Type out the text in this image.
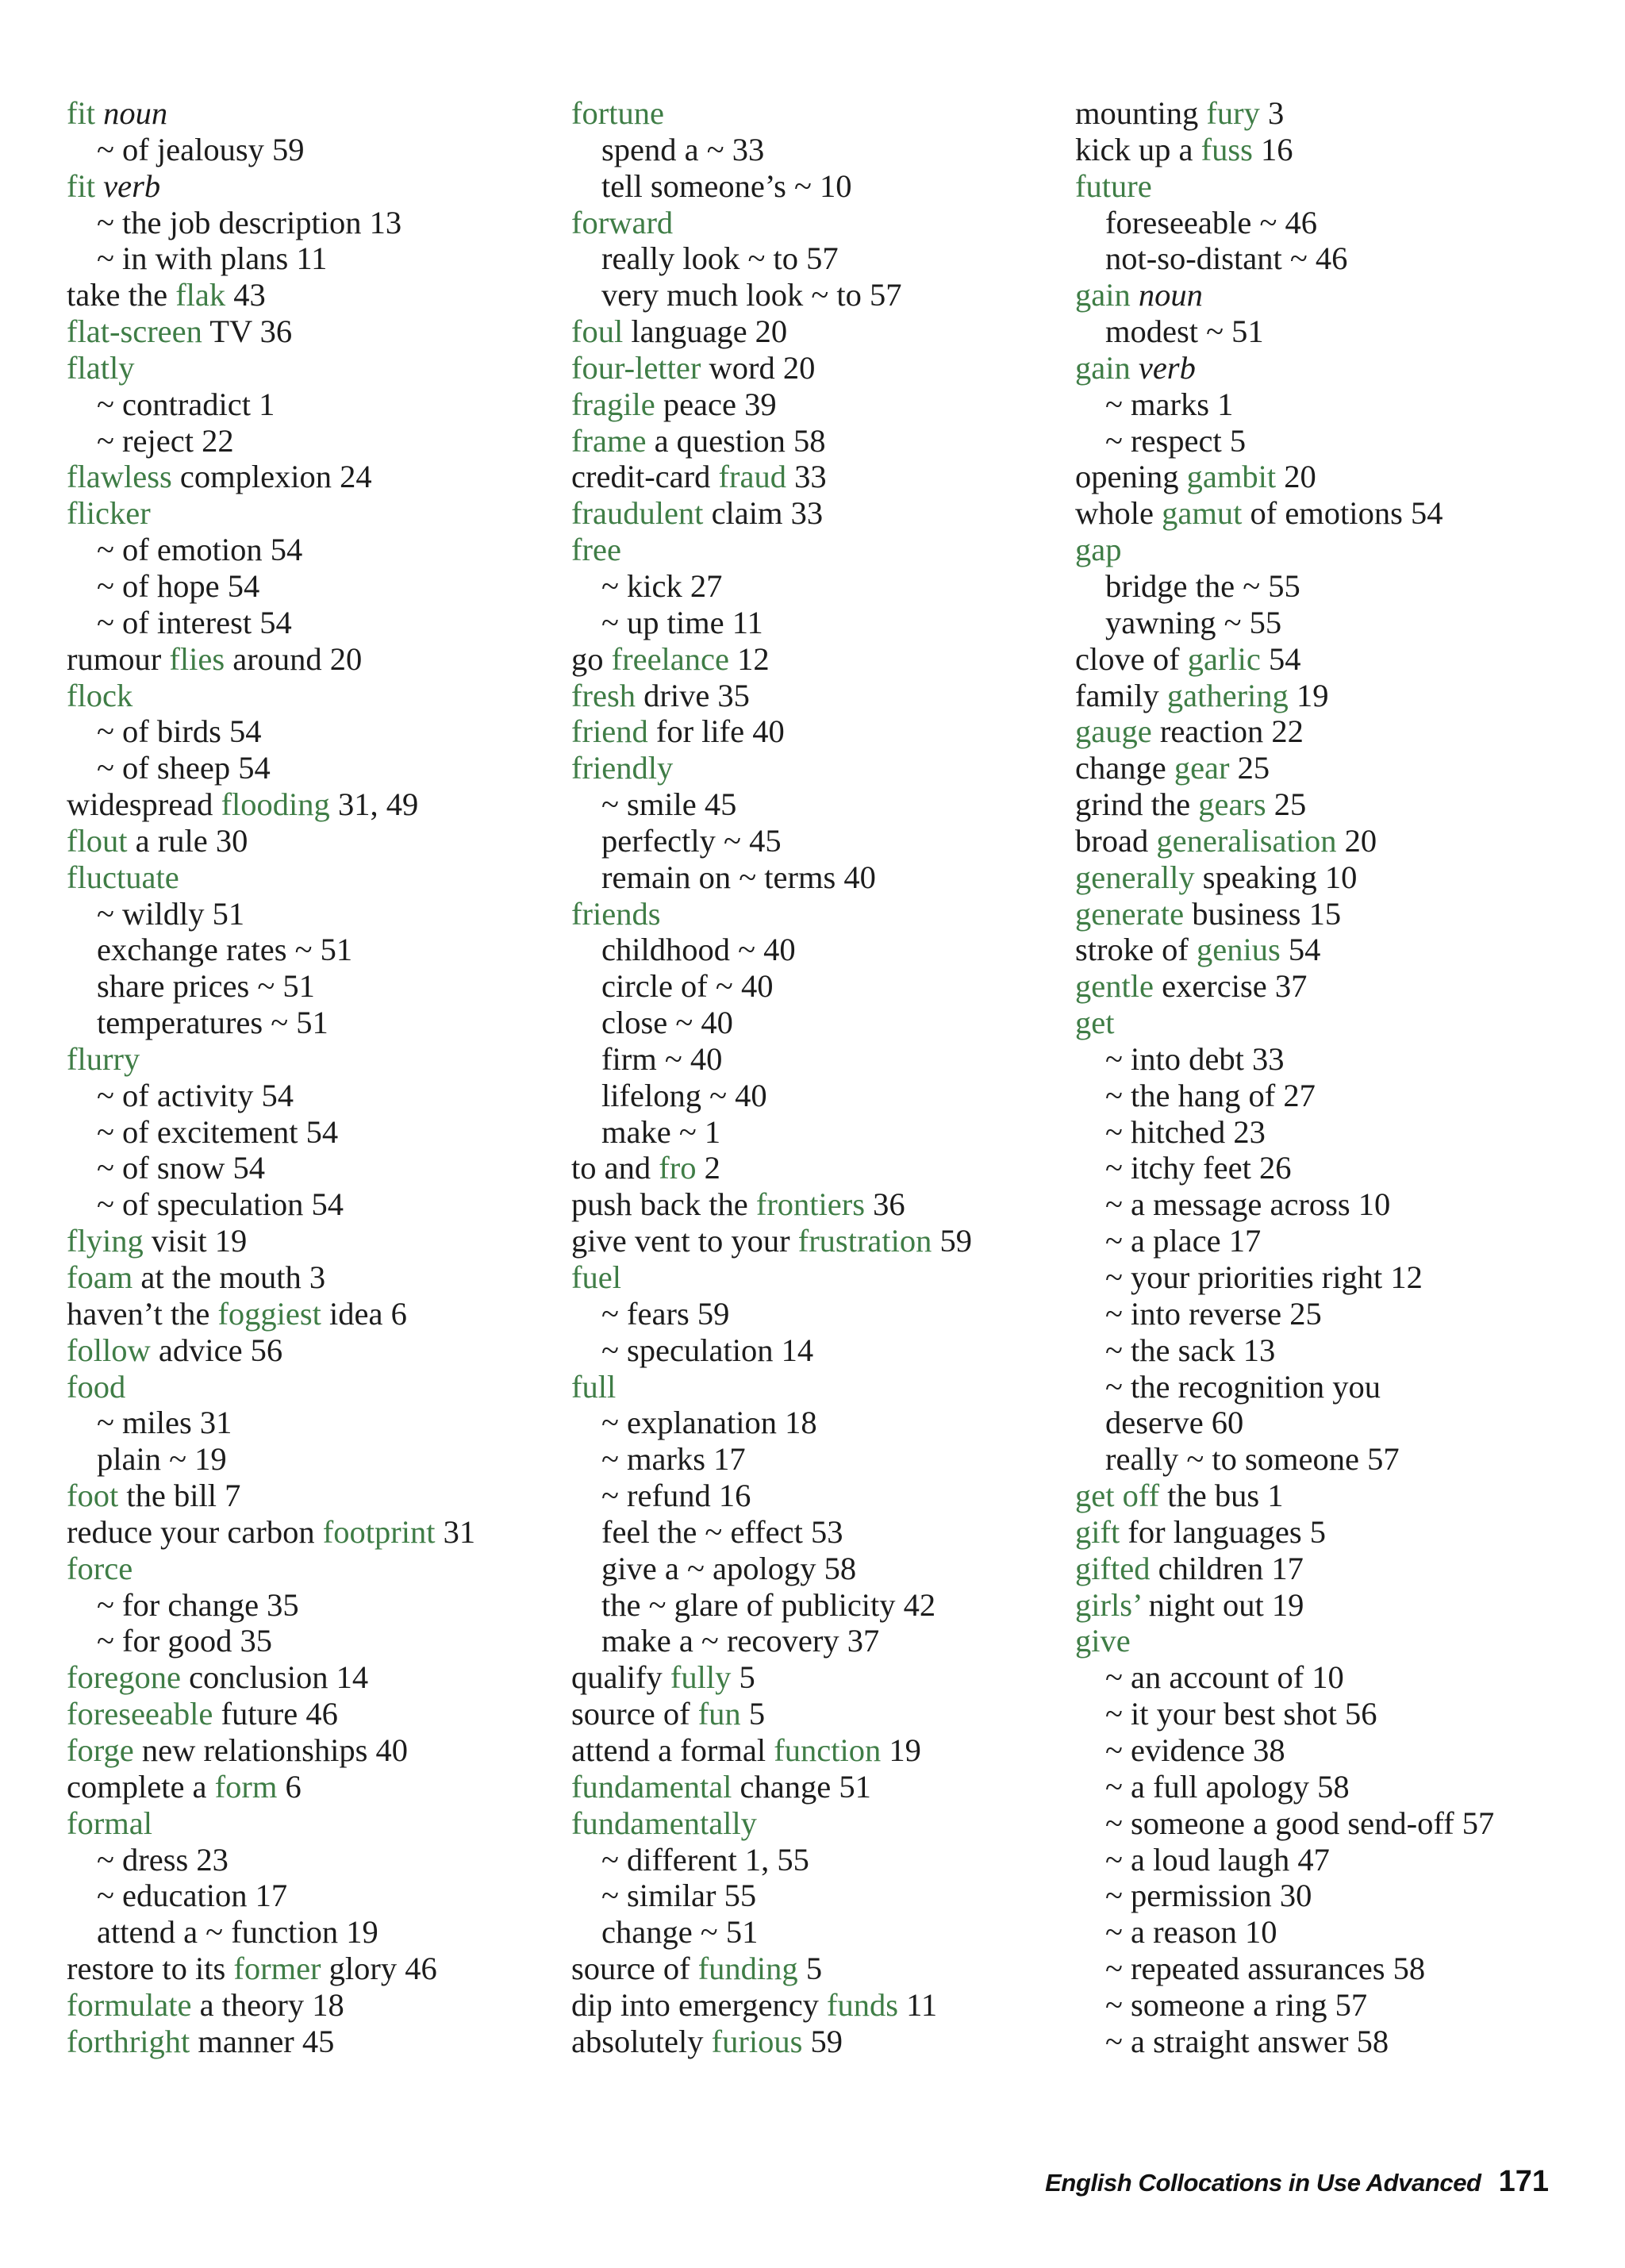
fit noun
~ of jealousy 59
fit verb
~ the job description 13
~ in with plans 11
take the flak 43
flat-screen TV 36
flatly
~ contradict 1
~ reject 22
flawless complexion 24
flicker
~ of emotion 54
~ of hope 54
~ of interest 54
rumour flies around 20
flock
~ of birds 54
~ of sheep 54
widespread flooding 31, 49
flout a rule 30
fluctuate
~ wildly 51
exchange rates ~ 51
share prices ~ 51
temperatures ~ 51
flurry
~ of activity 54
~ of excitement 54
~ of snow 54
~ of speculation 54
flying visit 19
foam at the mouth 3
haven’t the foggiest idea 6
follow advice 56
food
~ miles 31
plain ~ 19
foot the bill 7
reduce your carbon footprint 31
force
~ for change 35
~ for good 35
foregone conclusion 14
foreseeable future 46
forge new relationships 40
complete a form 6
formal
~ dress 23
~ education 17
attend a ~ function 19
restore to its former glory 46
formulate a theory 18
forthright manner 45
fortune
spend a ~ 33
tell someone’s ~ 10
forward
really look ~ to 57
very much look ~ to 57
foul language 20
four-letter word 20
fragile peace 39
frame a question 58
credit-card fraud 33
fraudulent claim 33
free
~ kick 27
~ up time 11
go freelance 12
fresh drive 35
friend for life 40
friendly
~ smile 45
perfectly ~ 45
remain on ~ terms 40
friends
childhood ~ 40
circle of ~ 40
close ~ 40
firm ~ 40
lifelong ~ 40
make ~ 1
to and fro 2
push back the frontiers 36
give vent to your frustration 59
fuel
~ fears 59
~ speculation 14
full
~ explanation 18
~ marks 17
~ refund 16
feel the ~ effect 53
give a ~ apology 58
the ~ glare of publicity 42
make a ~ recovery 37
qualify fully 5
source of fun 5
attend a formal function 19
fundamental change 51
fundamentally
~ different 1, 55
~ similar 55
change ~ 51
source of funding 5
dip into emergency funds 11
absolutely furious 59
mounting fury 3
kick up a fuss 16
future
foreseeable ~ 46
not-so-distant ~ 46
gain noun
modest ~ 51
gain verb
~ marks 1
~ respect 5
opening gambit 20
whole gamut of emotions 54
gap
bridge the ~ 55
yawning ~ 55
clove of garlic 54
family gathering 19
gauge reaction 22
change gear 25
grind the gears 25
broad generalisation 20
generally speaking 10
generate business 15
stroke of genius 54
gentle exercise 37
get
~ into debt 33
~ the hang of 27
~ hitched 23
~ itchy feet 26
~ a message across 10
~ a place 17
~ your priorities right 12
~ into reverse 25
~ the sack 13
~ the recognition you
deserve 60
really ~ to someone 57
get off the bus 1
gift for languages 5
gifted children 17
girls’ night out 19
give
~ an account of 10
~ it your best shot 56
~ evidence 38
~ a full apology 58
~ someone a good send-off 57
~ a loud laugh 47
~ permission 30
~ a reason 10
~ repeated assurances 58
~ someone a ring 57
~ a straight answer 58
English Collocations in Use Advanced 171
